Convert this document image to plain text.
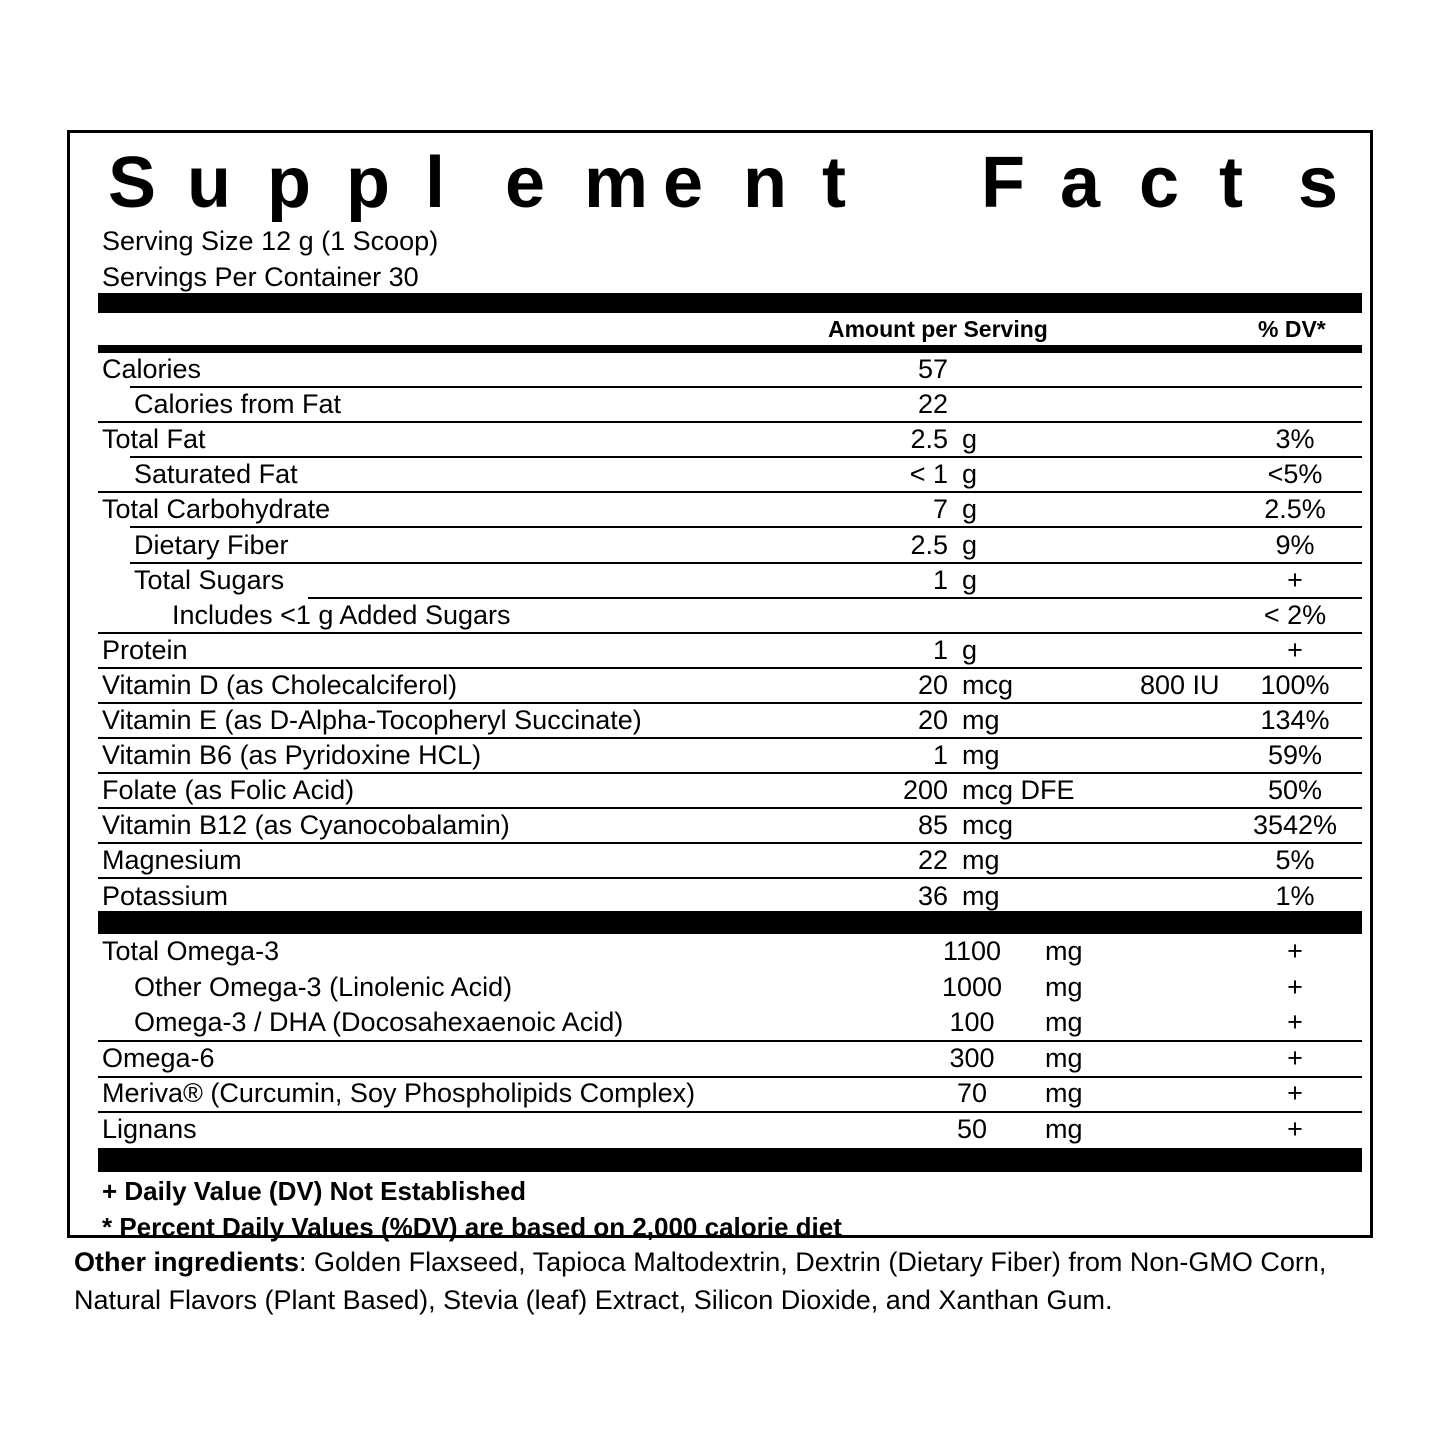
S u p p l e m e n t F a c t s
Serving Size 12 g (1 Scoop)
Servings Per Container 30
Amount per Serving	% DV*
Calories	57
Calories from Fat	22
Total Fat	2.5 g	3%
Saturated Fat	< 1 g	<5%
Total Carbohydrate	7 g	2.5%
Dietary Fiber	2.5 g	9%
Total Sugars	1 g	+
Includes <1 g Added Sugars	< 2%
Protein	1 g	+
Vitamin D (as Cholecalciferol)	20 mcg	800 IU 100%
Vitamin E (as D-Alpha-Tocopheryl Succinate)	20 mg	134%
Vitamin B6 (as Pyridoxine HCL)	1 mg	59%
Folate (as Folic Acid)	200 mcg DFE	50%
Vitamin B12 (as Cyanocobalamin)	85 mcg	3542%
Magnesium	22 mg	5%
Potassium	36 mg	1%
Total Omega-3	1100 mg	+
Other Omega-3 (Linolenic Acid)	1000 mg	+
Omega-3 / DHA (Docosahexaenoic Acid)	100 mg	+
Omega-6	300 mg	+
Meriva® (Curcumin, Soy Phospholipids Complex)	70 mg	+
Lignans	50 mg	+
+ Daily Value (DV) Not Established
* Percent Daily Values (%DV) are based on 2,000 calorie diet
Other ingredients: Golden Flaxseed, Tapioca Maltodextrin, Dextrin (Dietary Fiber) from Non-GMO Corn, Natural Flavors (Plant Based), Stevia (leaf) Extract, Silicon Dioxide, and Xanthan Gum.
